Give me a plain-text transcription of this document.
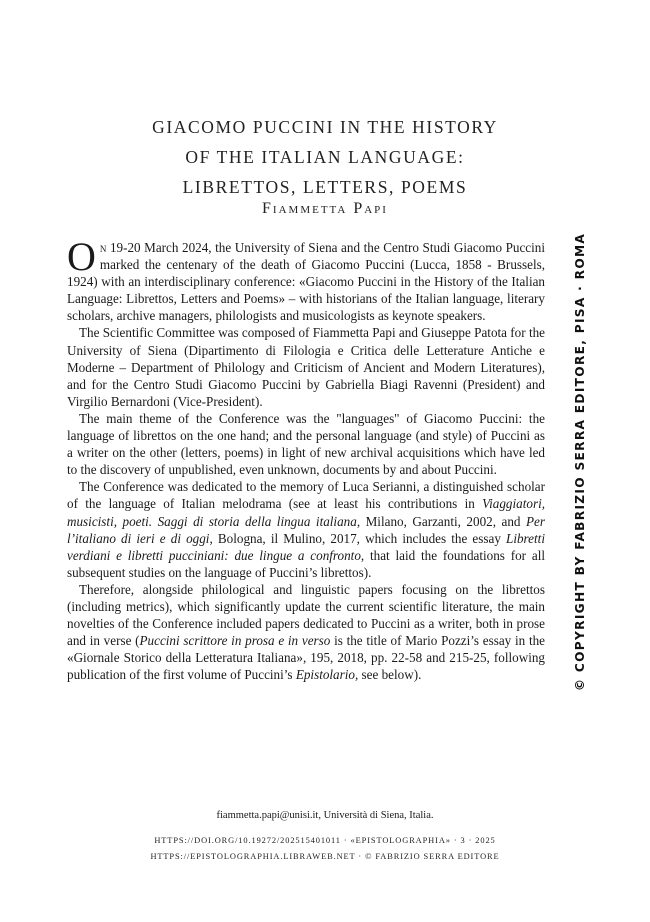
GIACOMO PUCCINI IN THE HISTORY
OF THE ITALIAN LANGUAGE:
LIBRETTOS, LETTERS, POEMS
Fiammetta Papi

On 19-20 March 2024, the University of Siena and the Centro Studi Giacomo Puccini marked the centenary of the death of Giacomo Puccini (Lucca, 1858 - Brussels, 1924) with an interdisciplinary conference: «Giacomo Puccini in the History of the Italian Language: Librettos, Letters and Poems» – with historians of the Italian language, literary scholars, archive managers, philologists and musicologists as keynote speakers.

The Scientific Committee was composed of Fiammetta Papi and Giuseppe Patota for the University of Siena (Dipartimento di Filologia e Critica delle Letterature Antiche e Moderne – Department of Philology and Criticism of Ancient and Modern Literatures), and for the Centro Studi Giacomo Puccini by Gabriella Biagi Ravenni (President) and Virgilio Bernardoni (Vice-President).

The main theme of the Conference was the "languages" of Giacomo Puccini: the language of librettos on the one hand; and the personal language (and style) of Puccini as a writer on the other (letters, poems) in light of new archival acquisitions which have led to the discovery of unpublished, even unknown, documents by and about Puccini.

The Conference was dedicated to the memory of Luca Serianni, a distinguished scholar of the language of Italian melodrama (see at least his contributions in Viaggiatori, musicisti, poeti. Saggi di storia della lingua italiana, Milano, Garzanti, 2002, and Per l’italiano di ieri e di oggi, Bologna, il Mulino, 2017, which includes the essay Libretti verdiani e libretti pucciniani: due lingue a confronto, that laid the foundations for all subsequent studies on the language of Puccini’s librettos).

Therefore, alongside philological and linguistic papers focusing on the librettos (including metrics), which significantly update the current scientific literature, the main novelties of the Conference included papers dedicated to Puccini as a writer, both in prose and in verse (Puccini scrittore in prosa e in verso is the title of Mario Pozzi’s essay in the «Giornale Storico della Letteratura Italiana», 195, 2018, pp. 22-58 and 215-25, following publication of the first volume of Puccini’s Epistolario, see below).

fiammetta.papi@unisi.it, Università di Siena, Italia.
HTTPS://DOI.ORG/10.19272/202515401011 · «EPISTOLOGRAPHIA» · 3 · 2025
HTTPS://EPISTOLOGRAPHIA.LIBRAWEB.NET · © FABRIZIO SERRA EDITORE
© COPYRIGHT BY FABRIZIO SERRA EDITORE, PISA · ROMA
